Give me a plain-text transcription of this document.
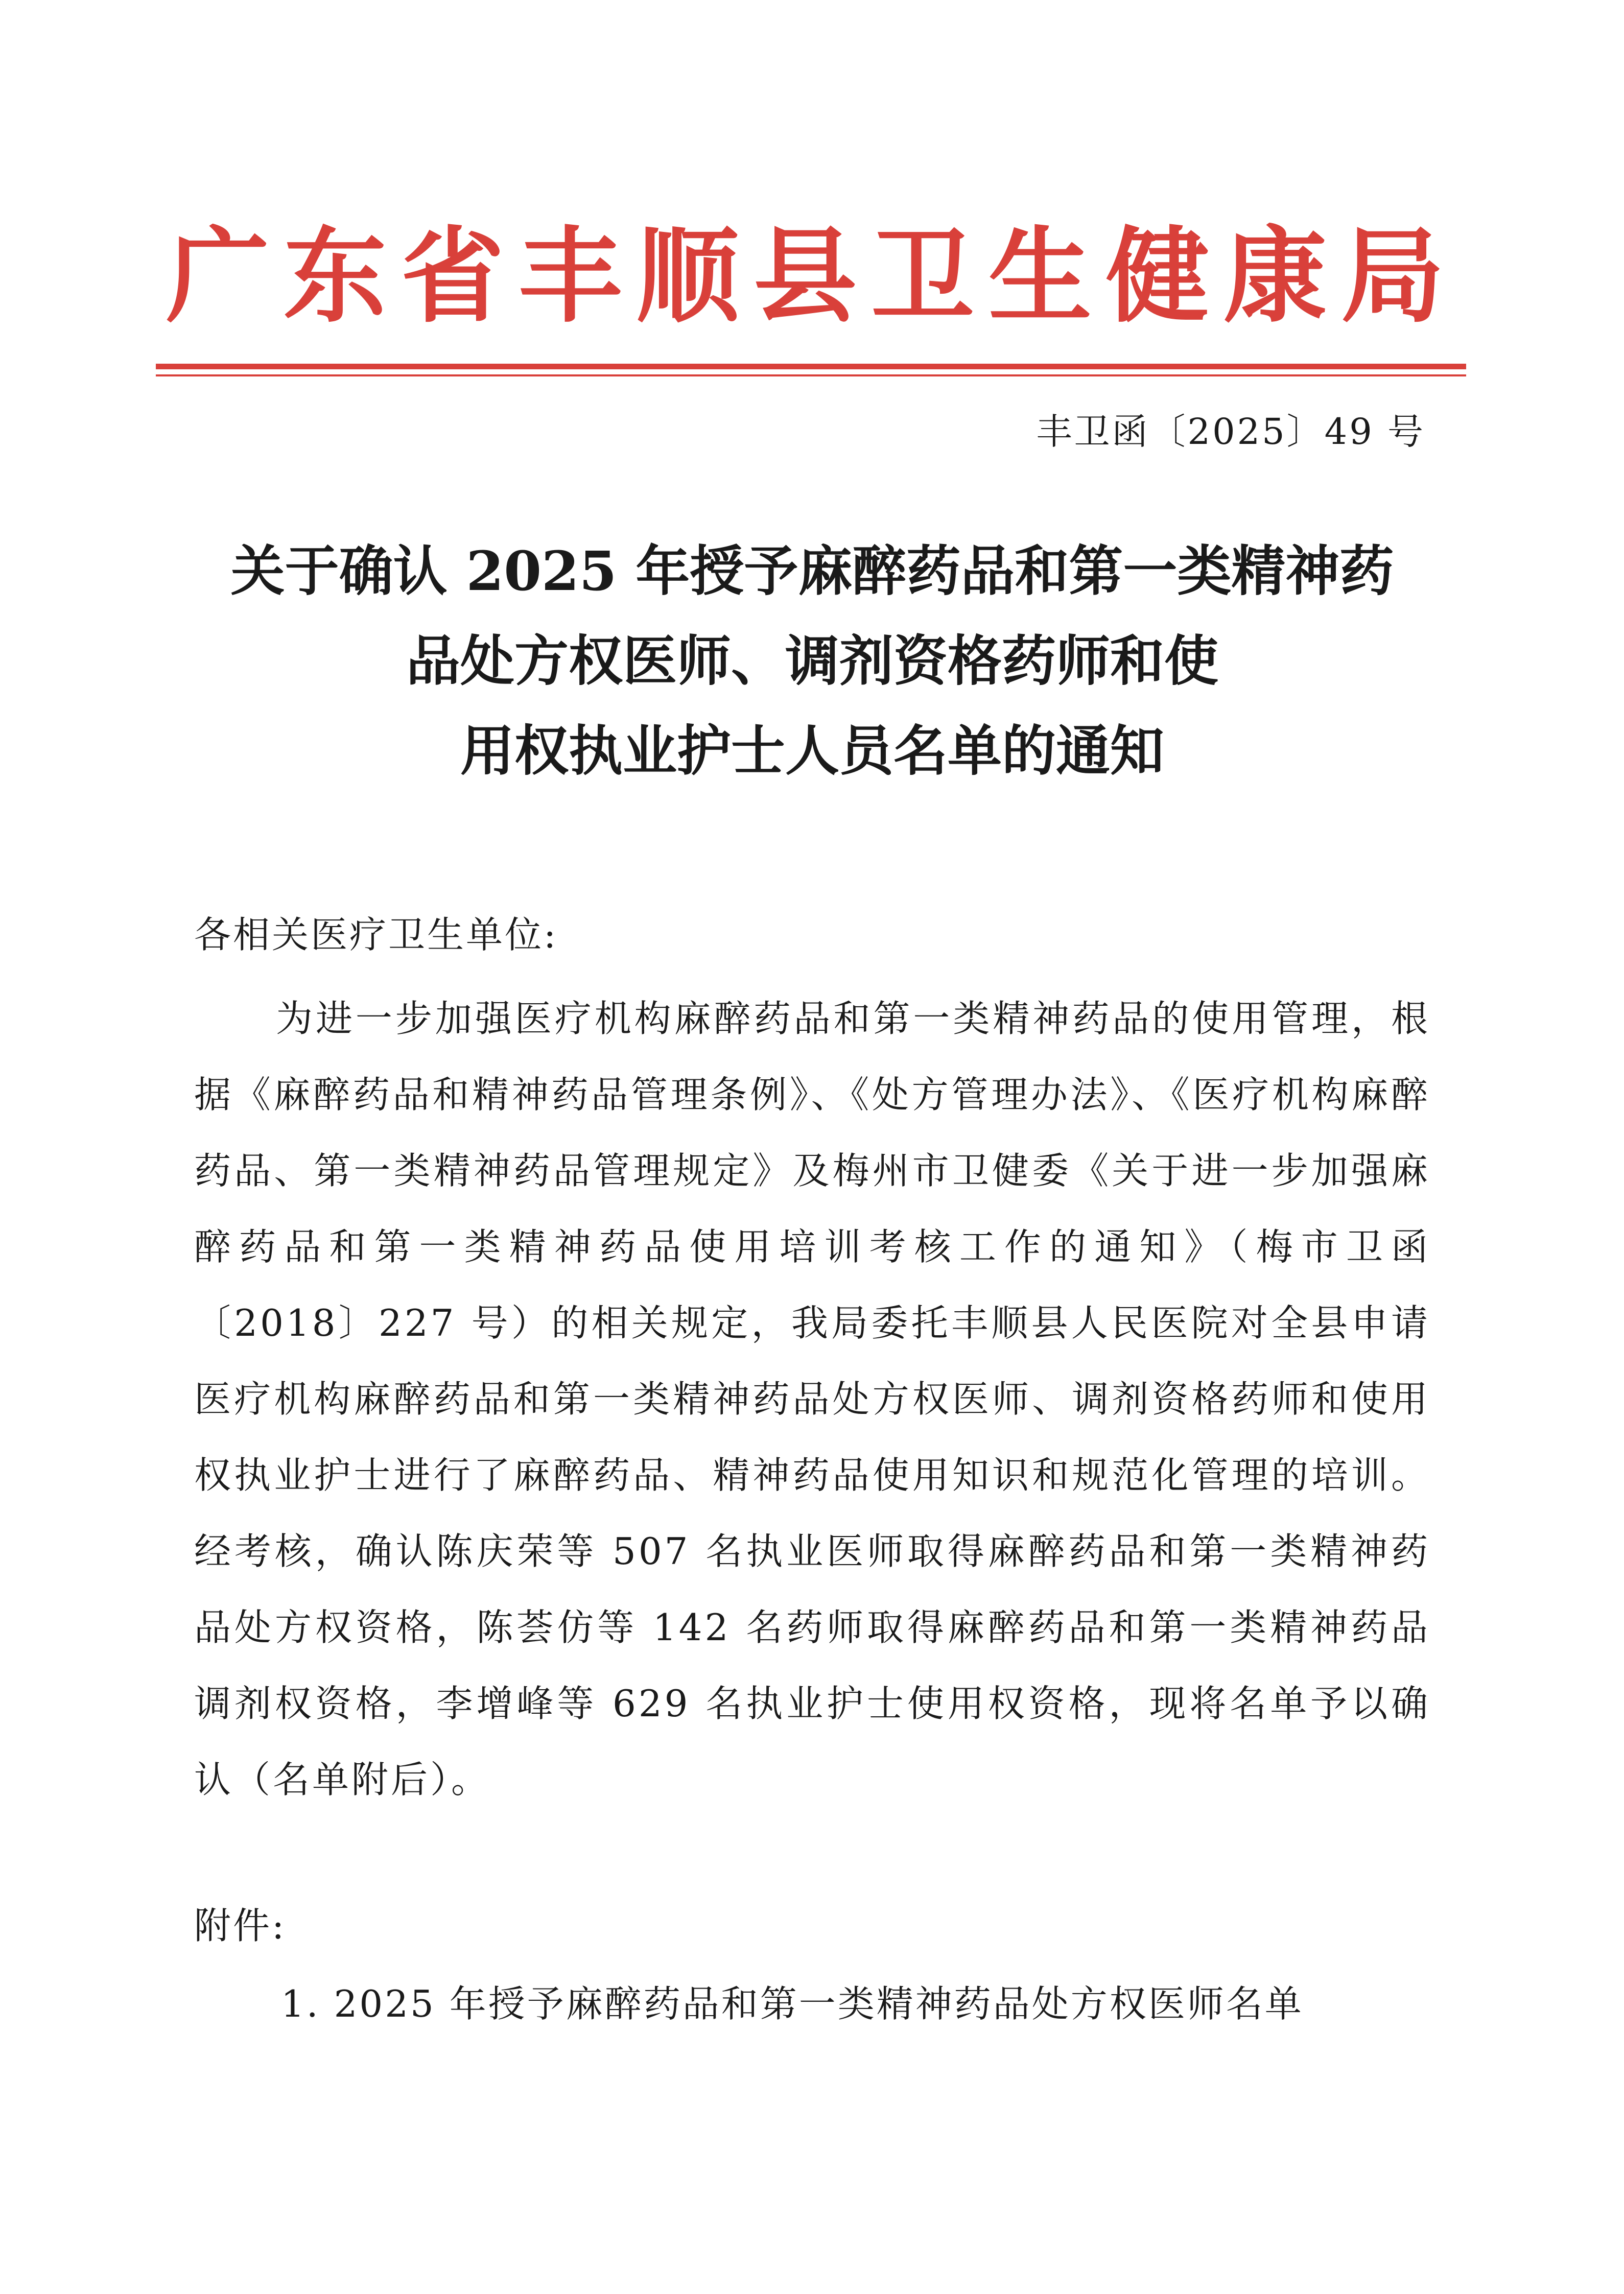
广东省丰顺县卫生健康局
丰卫函〔2025〕49 号
关于确认 2025 年授予麻醉药品和第一类精神药
品处方权医师、调剂资格药师和使
用权执业护士人员名单的通知
各相关医疗卫生单位:
为进一步加强医疗机构麻醉药品和第一类精神药品的使用管理，根据《麻醉药品和精神药品管理条例》、《处方管理办法》、《医疗机构麻醉药品、第一类精神药品管理规定》及梅州市卫健委《关于进一步加强麻醉药品和第一类精神药品使用培训考核工作的通知》（梅市卫函〔2018〕227 号）的相关规定，我局委托丰顺县人民医院对全县申请医疗机构麻醉药品和第一类精神药品处方权医师、调剂资格药师和使用权执业护士进行了麻醉药品、精神药品使用知识和规范化管理的培训。经考核，确认陈庆荣等 507 名执业医师取得麻醉药品和第一类精神药品处方权资格，陈荟仿等 142 名药师取得麻醉药品和第一类精神药品调剂权资格，李增峰等 629 名执业护士使用权资格，现将名单予以确认（名单附后）。
附件:
1. 2025 年授予麻醉药品和第一类精神药品处方权医师名单
